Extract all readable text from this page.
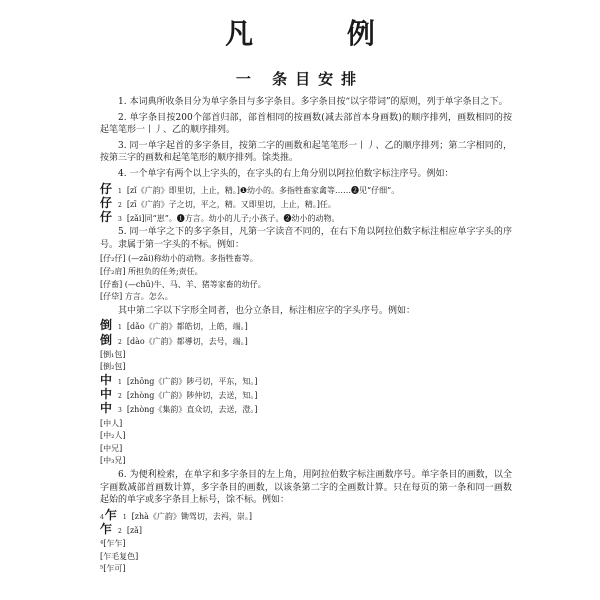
凡 例
一 条目安排

1. 本词典所收条目分为单字条目与多字条目。多字条目按“以字带词”的原则，列于单字条目之下。

2. 单字条目按200个部首归部，部首相同的按画数(减去部首本身画数)的顺序排列，画数相同的按起笔笔形一丨丿、乙的顺序排列。

3. 同一单字起首的多字条目，按第二字的画数和起笔笔形一丨丿、乙的顺序排列；第二字相同的，按第三字的画数和起笔笔形的顺序排列。馀类推。

4. 一个单字有两个以上字头的，在字头的右上角分别以阿拉伯数字标注序号。例如：

仔 1 [zǐ《广韵》即里切，上止，精。]❶幼小的。多指牲畜家禽等……❷见“仔细”。
仔 2 [zī《广韵》子之切，平之，精。又即里切，上止，精。]任。
仔 3 [zǎi]同“崽”。❶方言。幼小的儿子;小孩子。❷幼小的动物。

5. 同一单字之下的多字条目，凡第一字读音不同的，在右下角以阿拉伯数字标注相应单字字头的序号。隶属于第一字头的不标。例如：

[仔₂仔] (—zāi)称幼小的动物。多指牲畜等。
[仔₂肩] 所担负的任务;责任。
[仔畜] (—chū)牛、马、羊、猪等家畜的幼仔。
[仔牮] 方言。怎么。

其中第二字以下字形全同者，也分立条目，标注相应字的字头序号。例如：

倒 1 [dǎo《广韵》都皓切，上皓，端。]
倒 2 [dào《广韵》都導切，去号，端。]
[倒₁包]
[倒₂包]
中 1 [zhōng《广韵》陟弓切，平东，知。]
中 2 [zhòng《广韵》陟仲切，去送，知。]
中 3 [zhòng《集韵》直众切，去送，澄。]
[中人]
[中₂人]
[中兄]
[中₃兄]

6. 为便利检索，在单字和多字条目的左上角，用阿拉伯数字标注画数序号。单字条目的画数，以全字画数减部首画数计算，多字条目的画数，以该条第二字的全画数计算。只在每页的第一条和同一画数起始的单字或多字条目上标号，馀不标。例如：

4 乍 1 [zhà《广韵》锄驾切，去祃，崇。]
乍 2 [zǎ]
⁴[乍乍]
[乍毛复色]
⁵[乍可]
